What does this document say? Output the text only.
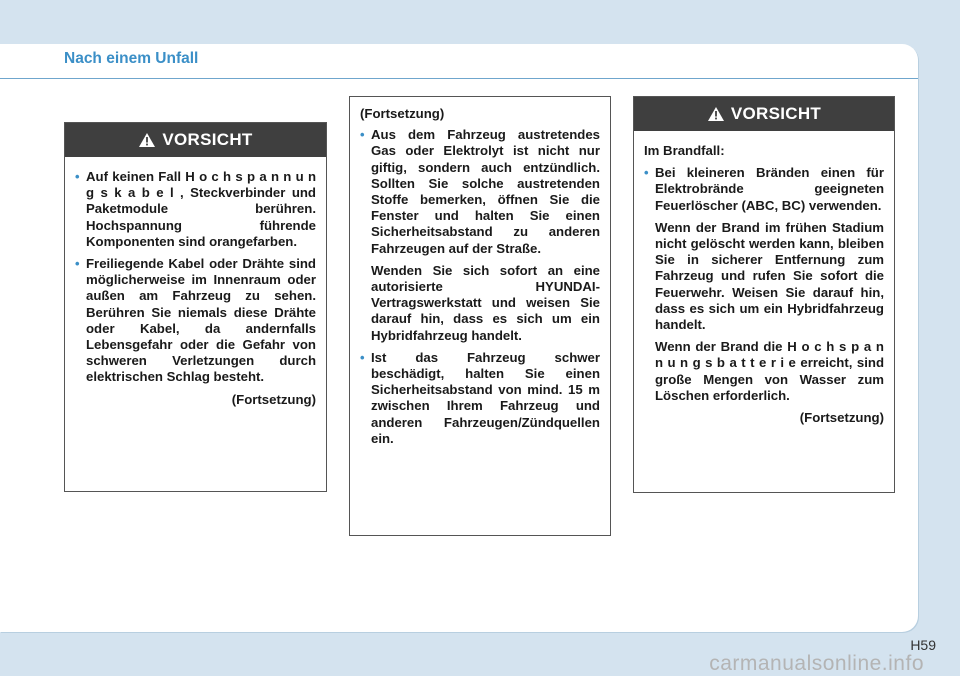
Nach einem Unfall
VORSICHT
• Auf keinen Fall H o c h s p a n n u n g s k a b e l , Steckverbinder und Paketmodule berühren. Hochspannung führende Komponenten sind orangefarben.
• Freiliegende Kabel oder Drähte sind möglicherweise im Innenraum oder außen am Fahrzeug zu sehen. Berühren Sie niemals diese Drähte oder Kabel, da andernfalls Lebensgefahr oder die Gefahr von schweren Verletzungen durch elektrischen Schlag besteht.
(Fortsetzung)

(Fortsetzung)

• Aus dem Fahrzeug austretendes Gas oder Elektrolyt ist nicht nur giftig, sondern auch entzündlich. Sollten Sie solche austretenden Stoffe bemerken, öffnen Sie die Fenster und halten Sie einen Sicherheitsabstand zu anderen Fahrzeugen auf der Straße.

Wenden Sie sich sofort an eine autorisierte HYUNDAI-Vertragswerkstatt und weisen Sie darauf hin, dass es sich um ein Hybridfahrzeug handelt.

• Ist das Fahrzeug schwer beschädigt, halten Sie einen Sicherheitsabstand von mind. 15 m zwischen Ihrem Fahrzeug und anderen Fahrzeugen/Zündquellen ein.
VORSICHT

Im Brandfall:

• Bei kleineren Bränden einen für Elektrobrände geeigneten Feuerlöscher (ABC, BC) verwenden.

Wenn der Brand im frühen Stadium nicht gelöscht werden kann, bleiben Sie in sicherer Entfernung zum Fahrzeug und rufen Sie sofort die Feuerwehr. Weisen Sie darauf hin, dass es sich um ein Hybridfahrzeug handelt.

Wenn der Brand die H o c h s p a n n u n g s b a t t e r i e erreicht, sind große Mengen von Wasser zum Löschen erforderlich.

(Fortsetzung)
H59
carmanualsonline.info
